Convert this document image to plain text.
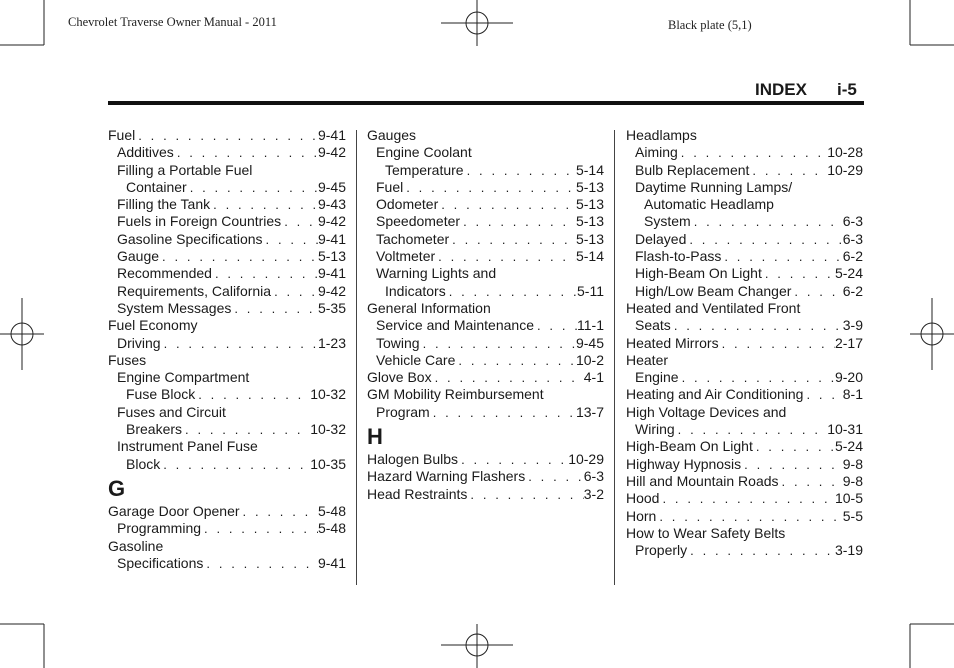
Chevrolet Traverse Owner Manual - 2011	Black plate (5,1)
INDEX i-5
Fuel . . .	9-41
Additives . . .	9-42
Filling a Portable Fuel
Container . . .	9-45
Filling the Tank . . .	9-43
Fuels in Foreign Countries . . .	9-42
Gasoline Specifications . . .	9-41
Gauge . . .	5-13
Recommended . . .	9-41
Requirements, California . . .	9-42
System Messages . . .	5-35
Fuel Economy
Driving . . .	1-23
Fuses
Engine Compartment
Fuse Block . . .	10-32
Fuses and Circuit
Breakers . . .	10-32
Instrument Panel Fuse
Block . . .	10-35
G
Garage Door Opener . . .	5-48
Programming . . .	5-48
Gasoline
Specifications . . .	9-41
Gauges
Engine Coolant
Temperature . . .	5-14
Fuel . . .	5-13
Odometer . . .	5-13
Speedometer . . .	5-13
Tachometer . . .	5-13
Voltmeter . . .	5-14
Warning Lights and
Indicators . . .	5-11
General Information
Service and Maintenance . . .	11-1
Towing . . .	9-45
Vehicle Care . . .	10-2
Glove Box . . .	4-1
GM Mobility Reimbursement
Program . . .	13-7
H
Halogen Bulbs . . .	10-29
Hazard Warning Flashers . . .	6-3
Head Restraints . . .	3-2
Headlamps
Aiming . . .	10-28
Bulb Replacement . . .	10-29
Daytime Running Lamps/
Automatic Headlamp
System . . .	6-3
Delayed . . .	6-3
Flash-to-Pass . . .	6-2
High-Beam On Light . . .	5-24
High/Low Beam Changer . . .	6-2
Heated and Ventilated Front
Seats . . .	3-9
Heated Mirrors . . .	2-17
Heater
Engine . . .	9-20
Heating and Air Conditioning . . .	8-1
High Voltage Devices and
Wiring . . .	10-31
High-Beam On Light . . .	5-24
Highway Hypnosis . . .	9-8
Hill and Mountain Roads . . .	9-8
Hood . . .	10-5
Horn . . .	5-5
How to Wear Safety Belts
Properly . . .	3-19
